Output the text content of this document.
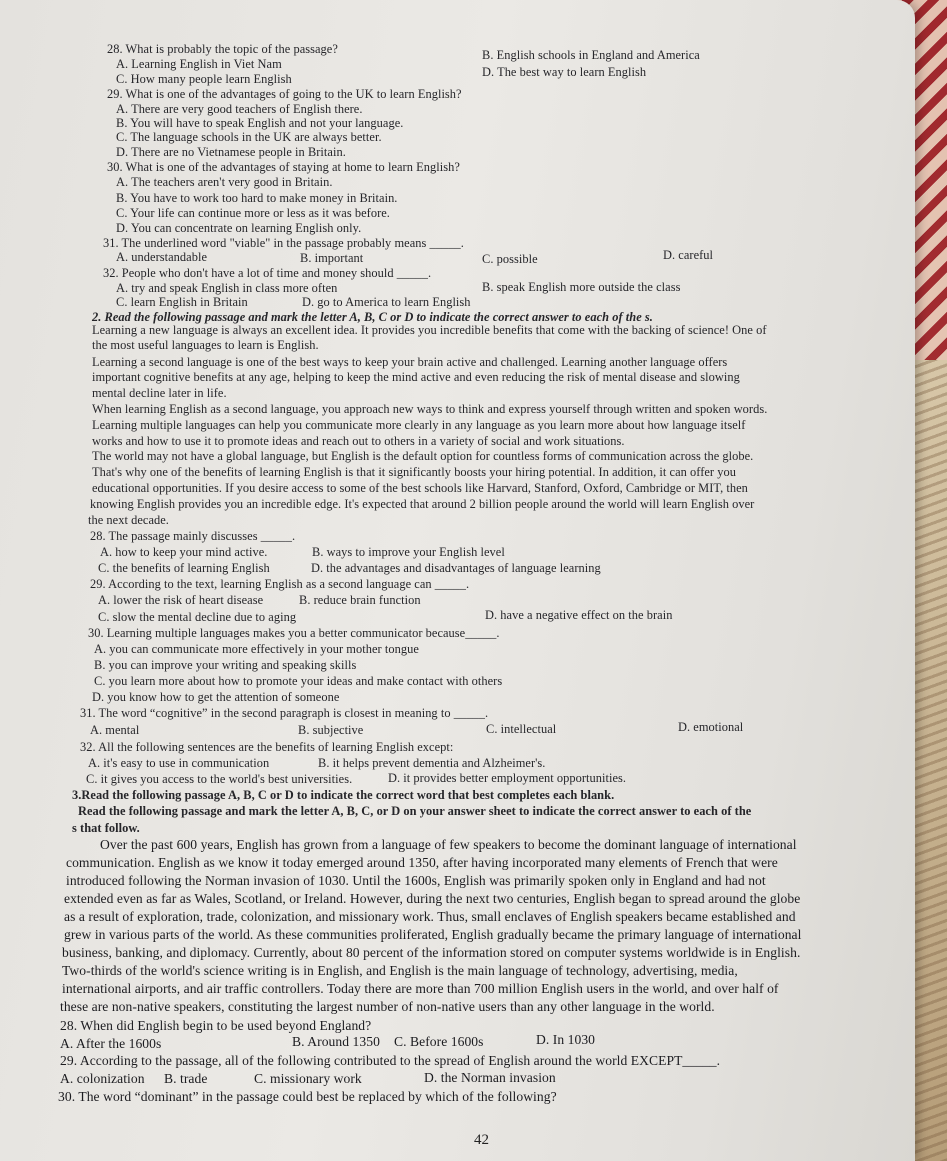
28. What is probably the topic of the passage?
A. Learning English in Viet Nam
B. English schools in England and America
C. How many people learn English	D. The best way to learn English
29. What is one of the advantages of going to the UK to learn English?
A. There are very good teachers of English there.
B. You will have to speak English and not your language.
C. The language schools in the UK are always better.
D. There are no Vietnamese people in Britain.
30. What is one of the advantages of staying at home to learn English?
A. The teachers aren't very good in Britain.
B. You have to work too hard to make money in Britain.
C. Your life can continue more or less as it was before.
D. You can concentrate on learning English only.
31. The underlined word "viable" in the passage probably means _____.
A. understandable	B. important	C. possible	D. careful
32. People who don't have a lot of time and money should _____.
A. try and speak English in class more often	B. speak English more outside the class
C. learn English in Britain	D. go to America to learn English
2. Read the following passage and mark the letter A, B, C or D to indicate the correct answer to each of the s.
Learning a new language is always an excellent idea. It provides you incredible benefits that come with the backing of science! One of
the most useful languages to learn is English.
Learning a second language is one of the best ways to keep your brain active and challenged. Learning another language offers
important cognitive benefits at any age, helping to keep the mind active and even reducing the risk of mental disease and slowing
mental decline later in life.
When learning English as a second language, you approach new ways to think and express yourself through written and spoken words.
Learning multiple languages can help you communicate more clearly in any language as you learn more about how language itself
works and how to use it to promote ideas and reach out to others in a variety of social and work situations.
The world may not have a global language, but English is the default option for countless forms of communication across the globe.
That's why one of the benefits of learning English is that it significantly boosts your hiring potential. In addition, it can offer you
educational opportunities. If you desire access to some of the best schools like Harvard, Stanford, Oxford, Cambridge or MIT, then
knowing English provides you an incredible edge. It's expected that around 2 billion people around the world will learn English over
the next decade.
28. The passage mainly discusses _____.
A. how to keep your mind active.	B. ways to improve your English level
C. the benefits of learning English	D. the advantages and disadvantages of language learning
29. According to the text, learning English as a second language can _____.
A. lower the risk of heart disease	B. reduce brain function
C. slow the mental decline due to aging	D. have a negative effect on the brain
30. Learning multiple languages makes you a better communicator because_____.
A. you can communicate more effectively in your mother tongue
B. you can improve your writing and speaking skills
C. you learn more about how to promote your ideas and make contact with others
D. you know how to get the attention of someone
31. The word “cognitive” in the second paragraph is closest in meaning to _____.
A. mental	B. subjective	C. intellectual	D. emotional
32. All the following sentences are the benefits of learning English except:
A. it's easy to use in communication	B. it helps prevent dementia and Alzheimer's.
C. it gives you access to the world's best universities.	D. it provides better employment opportunities.
3.Read the following passage A, B, C or D to indicate the correct word that best completes each blank.
Read the following passage and mark the letter A, B, C, or D on your answer sheet to indicate the correct answer to each of the
s that follow.
Over the past 600 years, English has grown from a language of few speakers to become the dominant language of international
communication. English as we know it today emerged around 1350, after having incorporated many elements of French that were
introduced following the Norman invasion of 1030. Until the 1600s, English was primarily spoken only in England and had not
extended even as far as Wales, Scotland, or Ireland. However, during the next two centuries, English began to spread around the globe
as a result of exploration, trade, colonization, and missionary work. Thus, small enclaves of English speakers became established and
grew in various parts of the world. As these communities proliferated, English gradually became the primary language of international
business, banking, and diplomacy. Currently, about 80 percent of the information stored on computer systems worldwide is in English.
Two-thirds of the world's science writing is in English, and English is the main language of technology, advertising, media,
international airports, and air traffic controllers. Today there are more than 700 million English users in the world, and over half of
these are non-native speakers, constituting the largest number of non-native users than any other language in the world.
28. When did English begin to be used beyond England?
A. After the 1600s	B. Around 1350 C. Before 1600s	D. In 1030
29. According to the passage, all of the following contributed to the spread of English around the world EXCEPT_____.
A. colonization B. trade	C. missionary work	D. the Norman invasion
30. The word “dominant” in the passage could best be replaced by which of the following?
42
